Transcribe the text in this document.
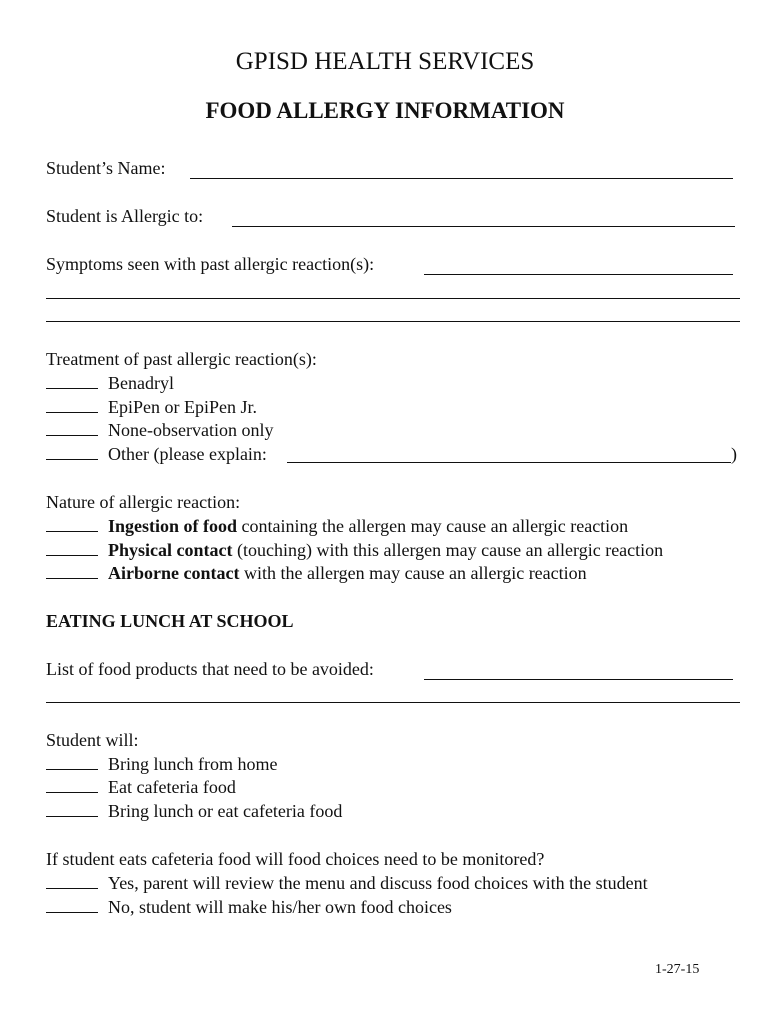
GPISD HEALTH SERVICES
FOOD ALLERGY INFORMATION
Student’s Name:
Student is Allergic to:
Symptoms seen with past allergic reaction(s):
Treatment of past allergic reaction(s):
Benadryl
EpiPen or EpiPen Jr.
None-observation only
Other (please explain:	)
Nature of allergic reaction:
Ingestion of food containing the allergen may cause an allergic reaction
Physical contact (touching) with this allergen may cause an allergic reaction
Airborne contact with the allergen may cause an allergic reaction
EATING LUNCH AT SCHOOL
List of food products that need to be avoided:
Student will:
Bring lunch from home
Eat cafeteria food
Bring lunch or eat cafeteria food
If student eats cafeteria food will food choices need to be monitored?
Yes, parent will review the menu and discuss food choices with the student
No, student will make his/her own food choices
1-27-15
